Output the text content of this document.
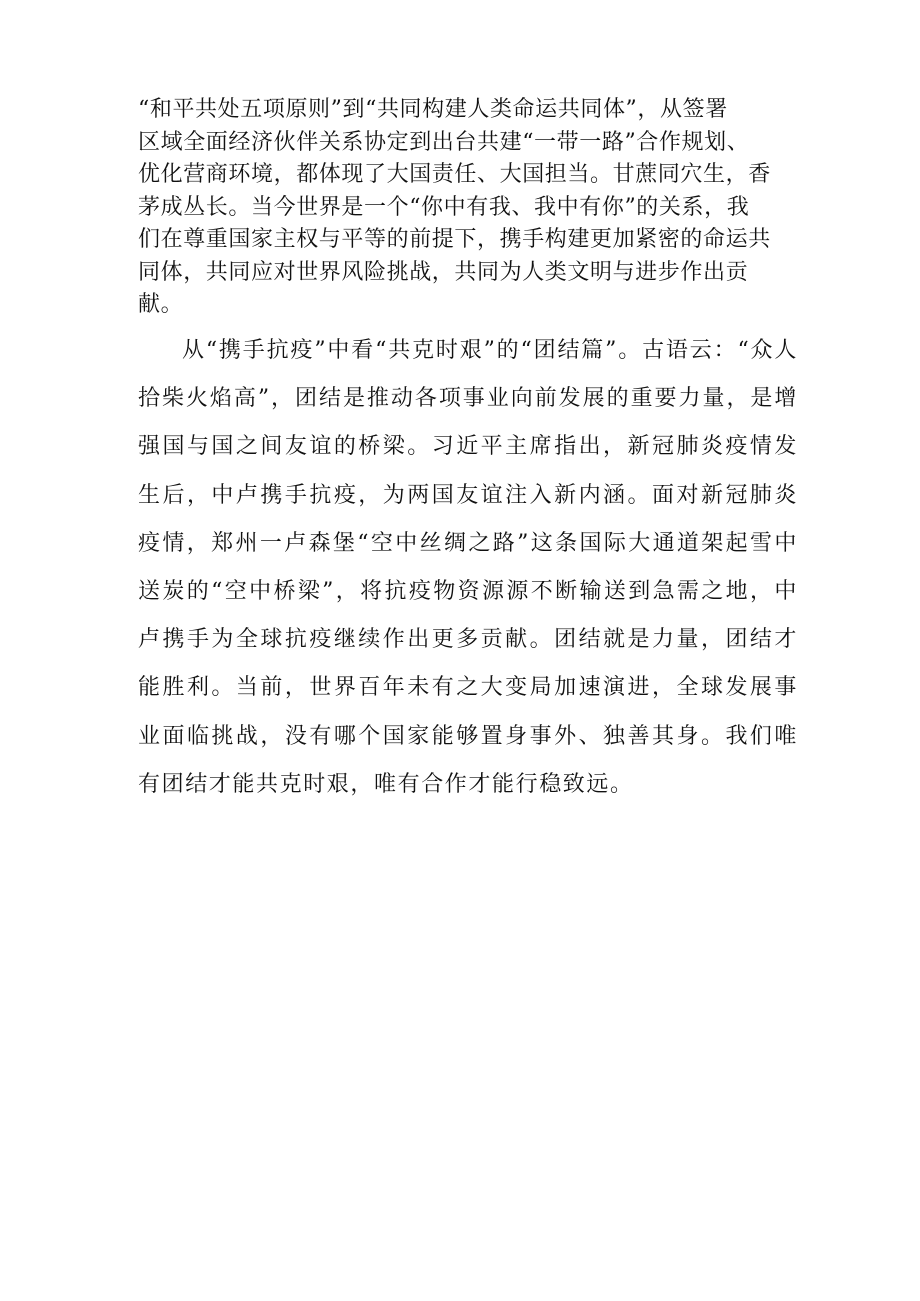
“和平共处五项原则”到“共同构建人类命运共同体”，从签署
区域全面经济伙伴关系协定到出台共建“一带一路”合作规划、
优化营商环境，都体现了大国责任、大国担当。甘蔗同穴生，香
茅成丛长。当今世界是一个“你中有我、我中有你”的关系，我
们在尊重国家主权与平等的前提下，携手构建更加紧密的命运共
同体，共同应对世界风险挑战，共同为人类文明与进步作出贡
献。

从“携手抗疫”中看“共克时艰”的“团结篇”。古语云：“众人拾柴火焰高”，团结是推动各项事业向前发展的重要力量，是增强国与国之间友谊的桥梁。习近平主席指出，新冠肺炎疫情发生后，中卢携手抗疫，为两国友谊注入新内涵。面对新冠肺炎疫情，郑州一卢森堡“空中丝绸之路”这条国际大通道架起雪中送炭的“空中桥梁”，将抗疫物资源源不断输送到急需之地，中卢携手为全球抗疫继续作出更多贡献。团结就是力量，团结才能胜利。当前，世界百年未有之大变局加速演进，全球发展事业面临挑战，没有哪个国家能够置身事外、独善其身。我们唯有团结才能共克时艰，唯有合作才能行稳致远。
